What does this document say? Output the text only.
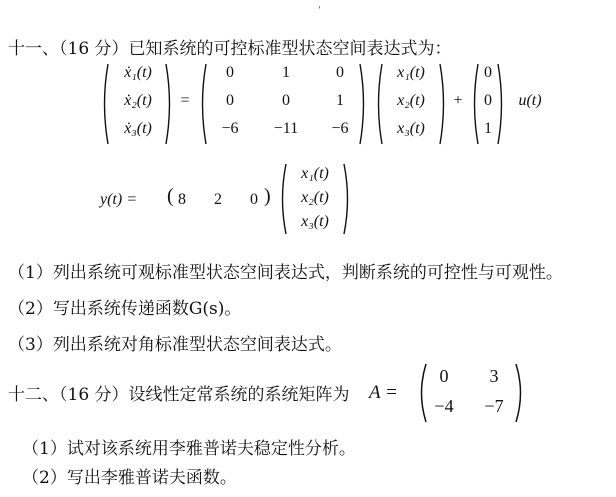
ˈ
十一、（16 分）已知系统的可控标准型状态空间表达式为：
ẋ₁(t)
ẋ₂(t)
ẋ₃(t)
=
0	1	0
0	0	1
−6	−11	−6
x₁(t)
x₂(t)
x₃(t)
+
0
0
1
u(t)
y(t) =	( 8 2 0 )
x₁(t)
x₂(t)
x₃(t)
（1）列出系统可观标准型状态空间表达式，判断系统的可控性与可观性。
（2）写出系统传递函数G(s)。
（3）列出系统对角标准型状态空间表达式。
十二、（16 分）设线性定常系统的系统矩阵为 A =
0	3
−4	−7
（1）试对该系统用李雅普诺夫稳定性分析。
（2）写出李雅普诺夫函数。
